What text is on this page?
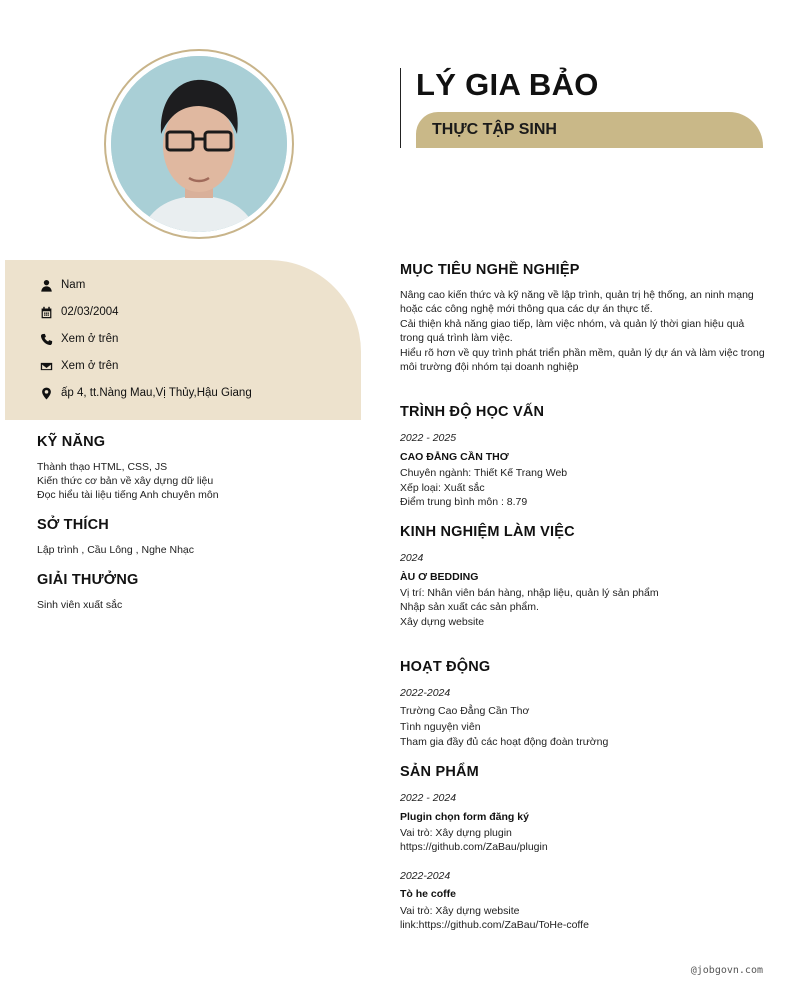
LÝ GIA BẢO
THỰC TẬP SINH
Nam
02/03/2004
Xem ở trên
Xem ở trên
ấp 4, tt.Nàng Mau,Vị Thủy,Hậu Giang
KỸ NĂNG
Thành thạo HTML, CSS, JS
Kiến thức cơ bản về xây dựng dữ liệu
Đọc hiểu tài liệu tiếng Anh chuyên môn
SỞ THÍCH
Lập trình , Cầu Lông , Nghe Nhạc
GIẢI THƯỞNG
Sinh viên xuất sắc
MỤC TIÊU NGHỀ NGHIỆP
Nâng cao kiến thức và kỹ năng về lập trình, quản trị hệ thống, an ninh mạng
hoặc các công nghệ mới thông qua các dự án thực tế.
Cải thiện khả năng giao tiếp, làm việc nhóm, và quản lý thời gian hiệu quả
trong quá trình làm việc.
Hiểu rõ hơn về quy trình phát triển phần mềm, quản lý dự án và làm việc trong
môi trường đội nhóm tại doanh nghiệp
TRÌNH ĐỘ HỌC VẤN
2022 - 2025
CAO ĐẲNG CẦN THƠ
Chuyên ngành: Thiết Kế Trang Web
Xếp loại: Xuất sắc
Điểm trung bình môn : 8.79
KINH NGHIỆM LÀM VIỆC
2024
ÀU Ơ BEDDING
Vị trí: Nhân viên bán hàng, nhập liệu, quản lý sản phẩm
Nhập sản xuất các sản phẩm.
Xây dựng website
HOẠT ĐỘNG
2022-2024
Trường Cao Đẳng Cần Thơ
Tình nguyện viên
Tham gia đầy đủ các hoạt động đoàn trường
SẢN PHẨM
2022 - 2024
Plugin chọn form đăng ký
Vai trò: Xây dựng plugin
https://github.com/ZaBau/plugin
2022-2024
Tò he coffe
Vai trò: Xây dựng website
link:https://github.com/ZaBau/ToHe-coffe
@jobgovn.com
